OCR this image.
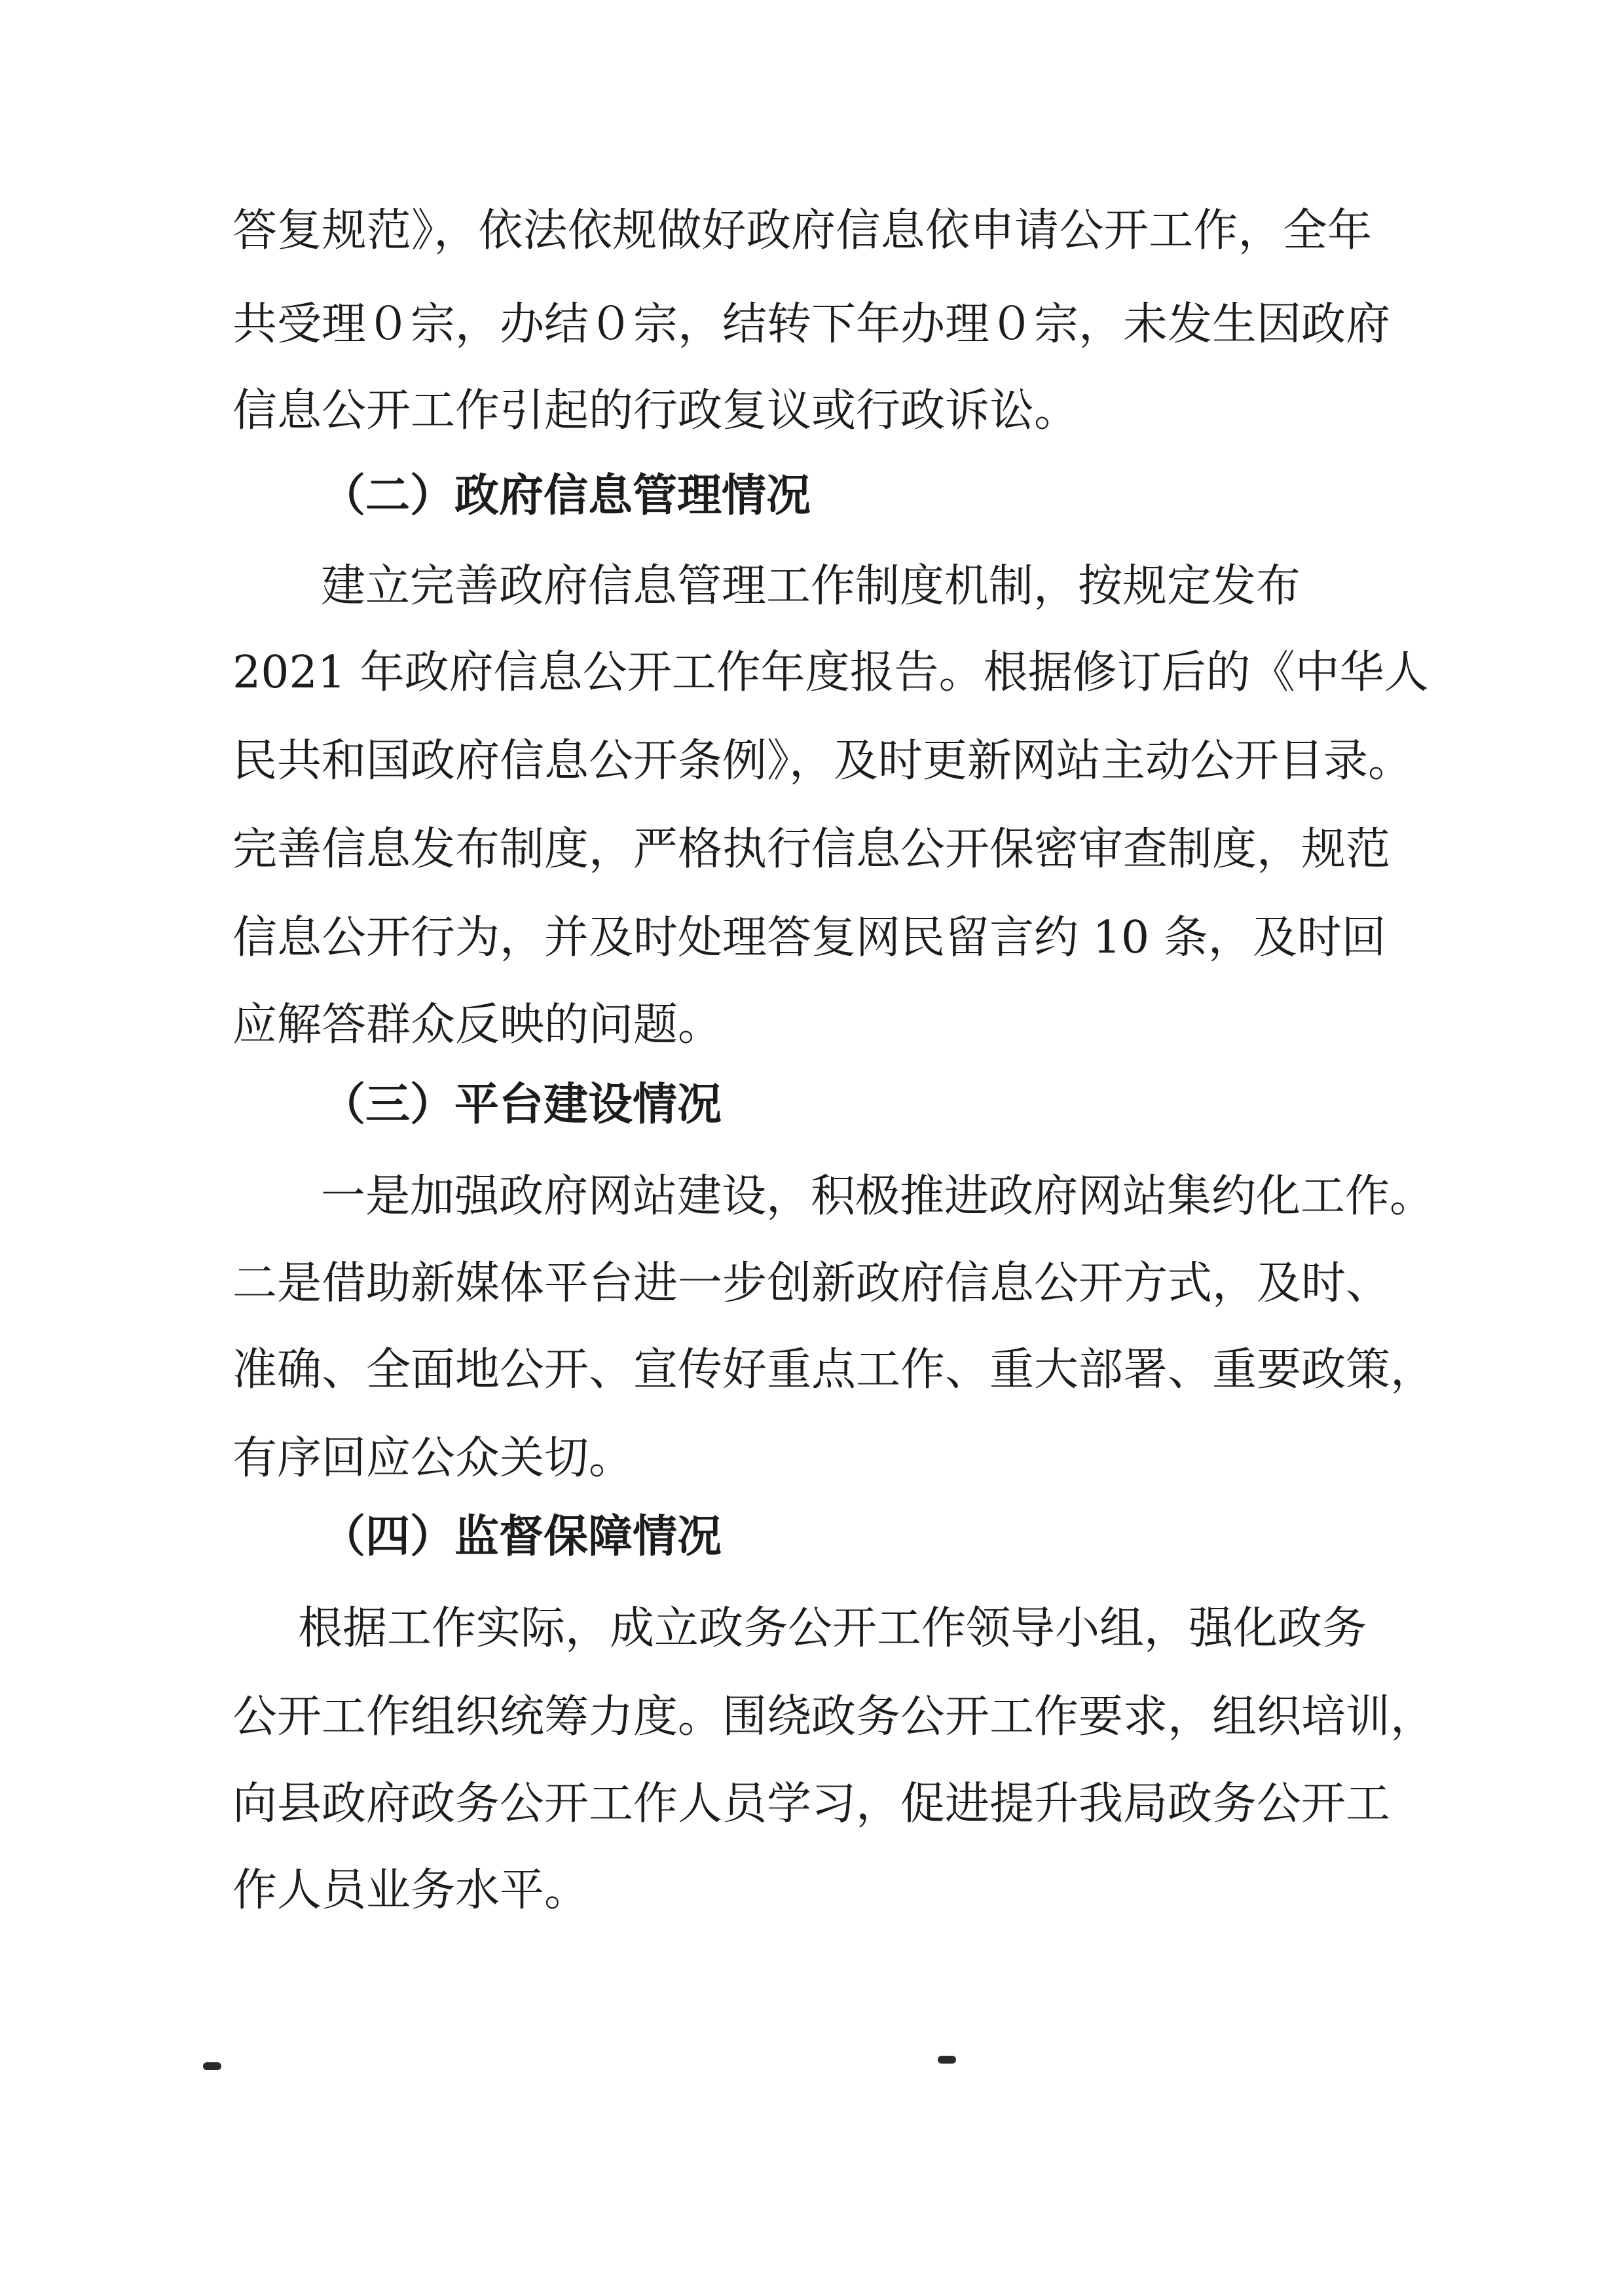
答复规范》，依法依规做好政府信息依申请公开工作，全年
共受理０宗，办结０宗，结转下年办理０宗，未发生因政府
信息公开工作引起的行政复议或行政诉讼。
（二）政府信息管理情况
建立完善政府信息管理工作制度机制，按规定发布
2021 年政府信息公开工作年度报告。根据修订后的《中华人
民共和国政府信息公开条例》，及时更新网站主动公开目录。
完善信息发布制度，严格执行信息公开保密审查制度，规范
信息公开行为，并及时处理答复网民留言约 10 条，及时回
应解答群众反映的问题。
（三）平台建设情况
一是加强政府网站建设，积极推进政府网站集约化工作。
二是借助新媒体平台进一步创新政府信息公开方式，及时、
准确、全面地公开、宣传好重点工作、重大部署、重要政策，
有序回应公众关切。
（四）监督保障情况
根据工作实际，成立政务公开工作领导小组，强化政务
公开工作组织统筹力度。围绕政务公开工作要求，组织培训，
向县政府政务公开工作人员学习，促进提升我局政务公开工
作人员业务水平。
